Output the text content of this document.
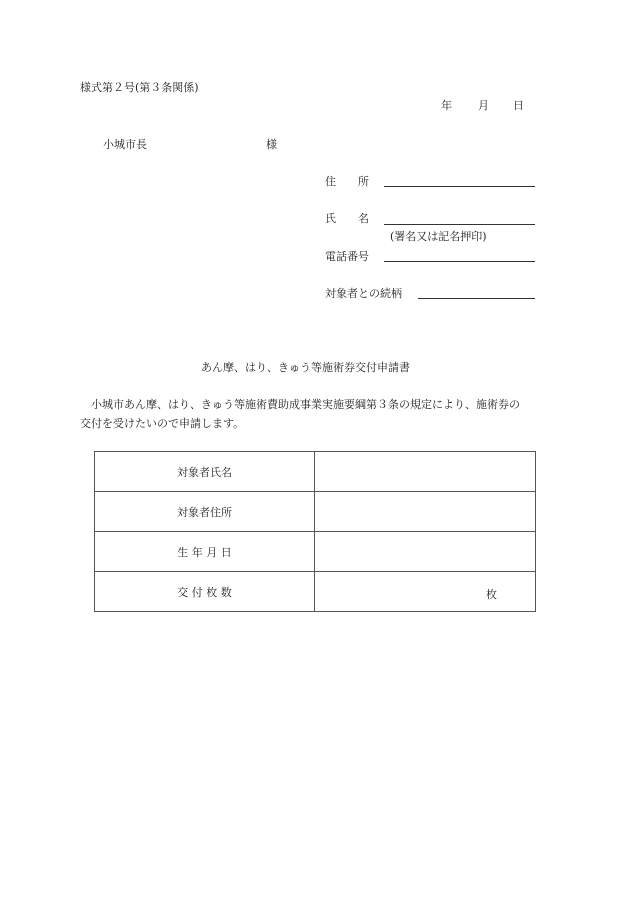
様式第２号(第３条関係)
年 月 日
小城市長	様
住　　所
氏　　名
(署名又は記名押印)
電話番号
対象者との続柄
あん摩、はり、きゅう等施術券交付申請書
　小城市あん摩、はり、きゅう等施術費助成事業実施要綱第３条の規定により、施術券の
交付を受けたいので申請します。
対象者氏名	
対象者住所	
生 年 月 日	
交 付 枚 数	枚
